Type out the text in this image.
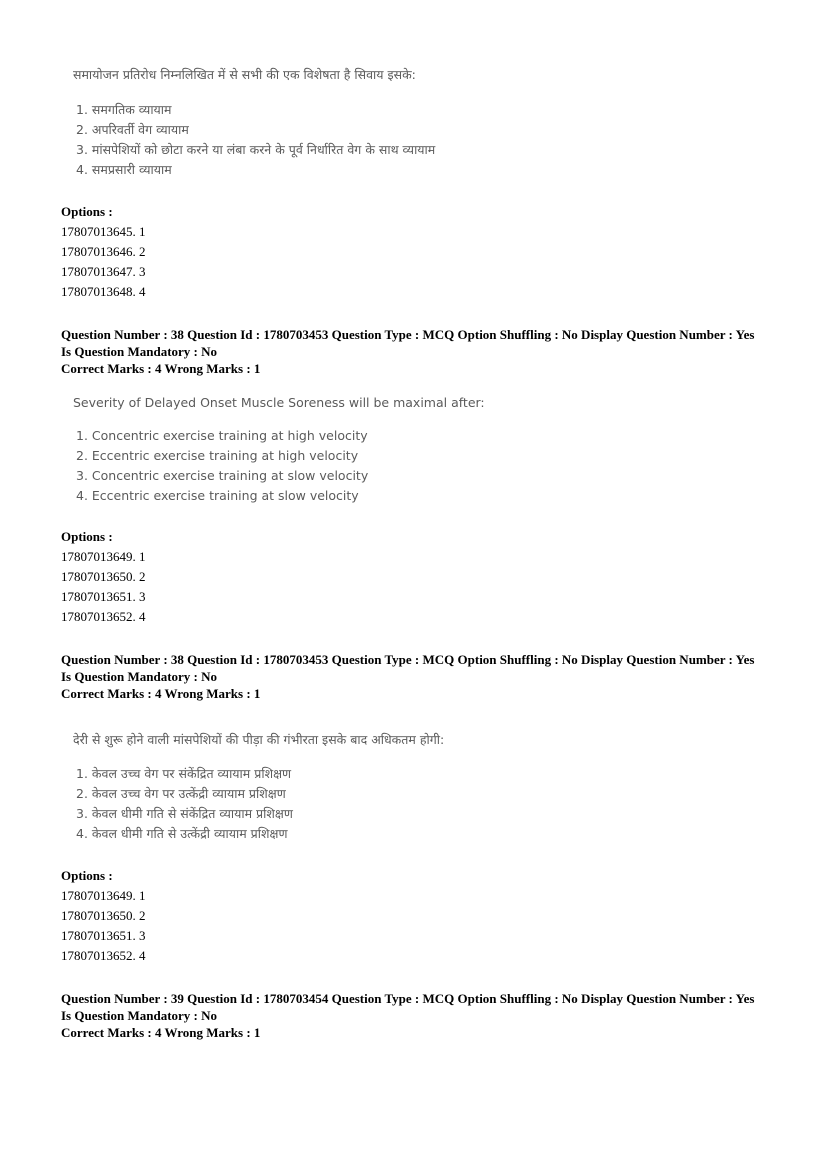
समायोजन प्रतिरोध निम्नलिखित में से सभी की एक विशेषता है सिवाय इसके:
1. समगतिक व्यायाम
2. अपरिवर्ती वेग व्यायाम
3. मांसपेशियों को छोटा करने या लंबा करने के पूर्व निर्धारित वेग के साथ व्यायाम
4. समप्रसारी व्यायाम
Options :
17807013645. 1
17807013646. 2
17807013647. 3
17807013648. 4
Question Number : 38 Question Id : 1780703453 Question Type : MCQ Option Shuffling : No Display Question Number : Yes
Is Question Mandatory : No
Correct Marks : 4 Wrong Marks : 1
Severity of Delayed Onset Muscle Soreness will be maximal after:
1. Concentric exercise training at high velocity
2. Eccentric exercise training at high velocity
3. Concentric exercise training at slow velocity
4. Eccentric exercise training at slow velocity
Options :
17807013649. 1
17807013650. 2
17807013651. 3
17807013652. 4
Question Number : 38 Question Id : 1780703453 Question Type : MCQ Option Shuffling : No Display Question Number : Yes
Is Question Mandatory : No
Correct Marks : 4 Wrong Marks : 1
देरी से शुरू होने वाली मांसपेशियों की पीड़ा की गंभीरता इसके बाद अधिकतम होगी:
1. केवल उच्च वेग पर संकेंद्रित व्यायाम प्रशिक्षण
2. केवल उच्च वेग पर उत्केंद्री व्यायाम प्रशिक्षण
3. केवल धीमी गति से संकेंद्रित व्यायाम प्रशिक्षण
4. केवल धीमी गति से उत्केंद्री व्यायाम प्रशिक्षण
Options :
17807013649. 1
17807013650. 2
17807013651. 3
17807013652. 4
Question Number : 39 Question Id : 1780703454 Question Type : MCQ Option Shuffling : No Display Question Number : Yes
Is Question Mandatory : No
Correct Marks : 4 Wrong Marks : 1
